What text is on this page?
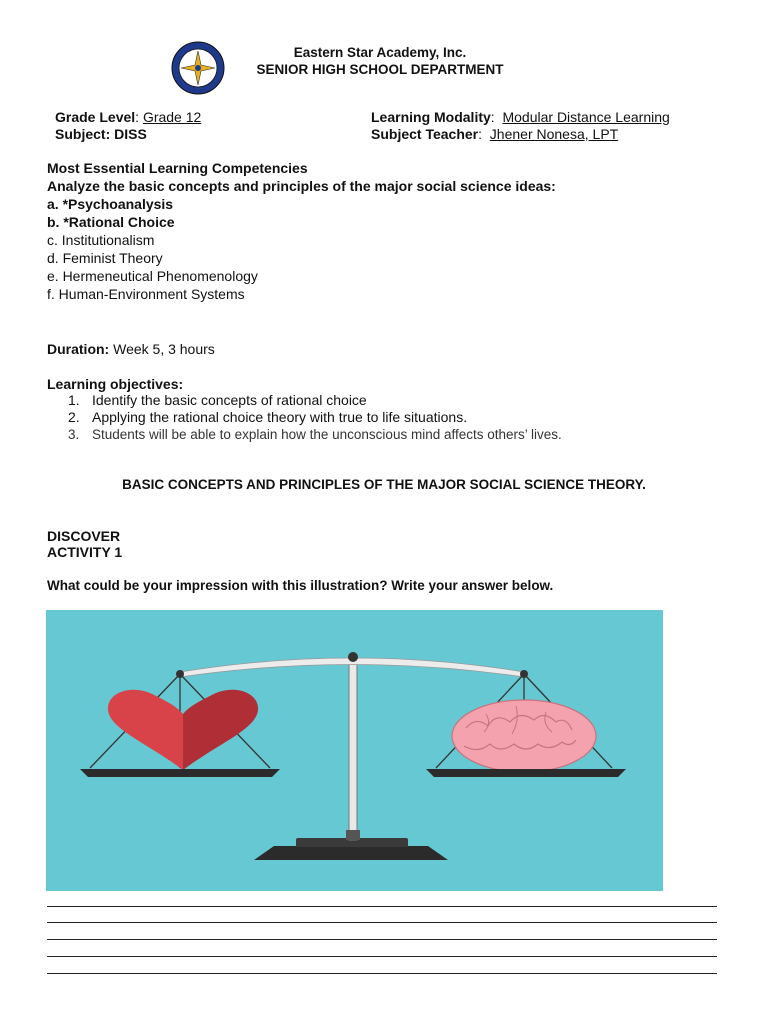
Eastern Star Academy, Inc.
SENIOR HIGH SCHOOL DEPARTMENT
Grade Level: Grade 12
Subject: DISS
Learning Modality:  Modular Distance Learning
Subject Teacher:  Jhener Nonesa, LPT
Most Essential Learning Competencies
Analyze the basic concepts and principles of the major social science ideas:
a. *Psychoanalysis
b. *Rational Choice
c. Institutionalism
d. Feminist Theory
e. Hermeneutical Phenomenology
f. Human-Environment Systems
Duration: Week 5, 3 hours
Learning objectives:
1. Identify the basic concepts of rational choice
2. Applying the rational choice theory with true to life situations.
3. Students will be able to explain how the unconscious mind affects others’ lives.
BASIC CONCEPTS AND PRINCIPLES OF THE MAJOR SOCIAL SCIENCE THEORY.
DISCOVER
ACTIVITY 1
What could be your impression with this illustration? Write your answer below.
